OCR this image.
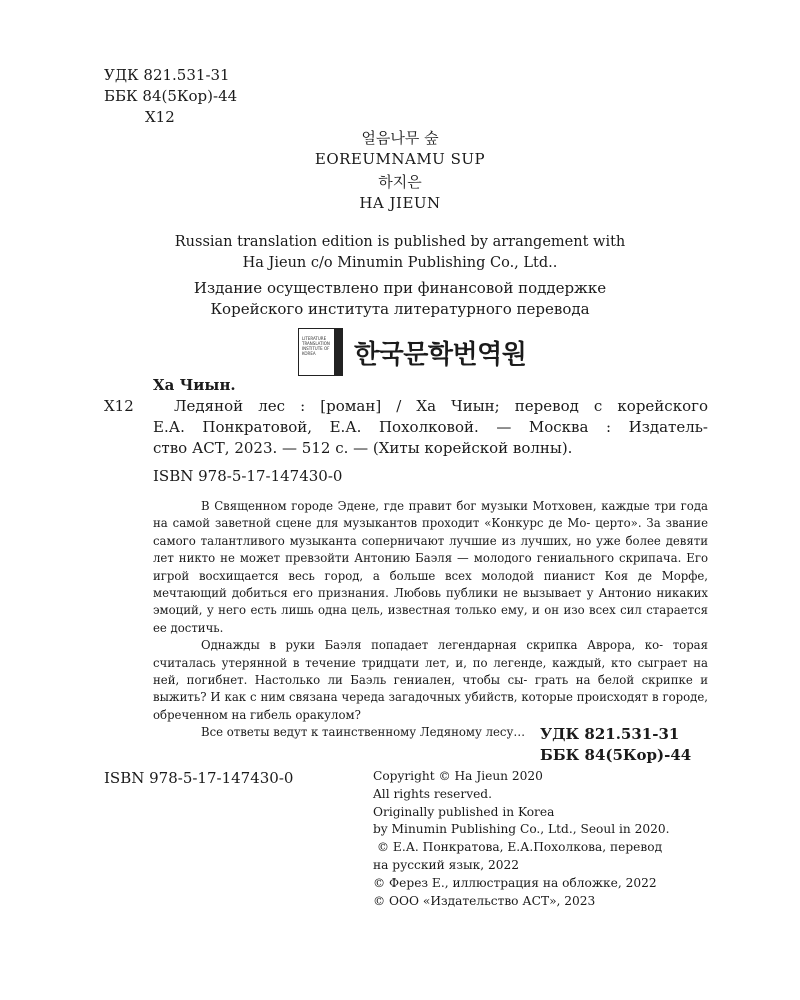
УДК 821.531-31
ББК 84(5Кор)-44
Х12
얼음나무 숲
EOREUMNAMU SUP
하지은
HA JIEUN
Russian translation edition is published by arrangement with
Ha Jieun c/o Minumin Publishing Co., Ltd..
Издание осуществлено при финансовой поддержке
Корейского института литературного перевода
LITERATURE
TRANSLATION
INSTITUTE OF
KOREA	한국문학번역원
Ха Чиын.
Х12	Ледяной лес : [роман] / Ха Чиын; перевод с корейского
Е.А. Понкратовой, Е.А. Похолковой. — Москва : Издатель-
ство АСТ, 2023. — 512 с. — (Хиты корейской волны).
ISBN 978-5-17-147430-0

В Священном городе Эдене, где правит бог музыки Мотховен, каждые три года на самой заветной сцене для музыкантов проходит «Конкурс де Мо- церто». За звание самого талантливого музыканта соперничают лучшие из лучших, но уже более девяти лет никто не может превзойти Антонию Баэля — молодого гениального скрипача. Его игрой восхищается весь город, а больше всех молодой пианист Коя де Морфе, мечтающий добиться его признания. Любовь публики не вызывает у Антонио никаких эмоций, у него есть лишь одна цель, известная только ему, и он изо всех сил старается ее достичь.

Однажды в руки Баэля попадает легендарная скрипка Аврора, ко- торая считалась утерянной в течение тридцати лет, и, по легенде, каждый, кто сыграет на ней, погибнет. Настолько ли Баэль гениален, чтобы сы- грать на белой скрипке и выжить? И как с ним связана череда загадочных убийств, которые происходят в городе, обреченном на гибель оракулом?

Все ответы ведут к таинственному Ледяному лесу… УДК 821.531-31
ББК 84(5Кор)-44
ISBN 978-5-17-147430-0	Copyright © Ha Jieun 2020
All rights reserved.
Originally published in Korea
by Minumin Publishing Co., Ltd., Seoul in 2020.
© Е.А. Понкратова, Е.А.Похолкова, перевод
на русский язык, 2022
© Ферез Е., иллюстрация на обложке, 2022
© ООО «Издательство АСТ», 2023
